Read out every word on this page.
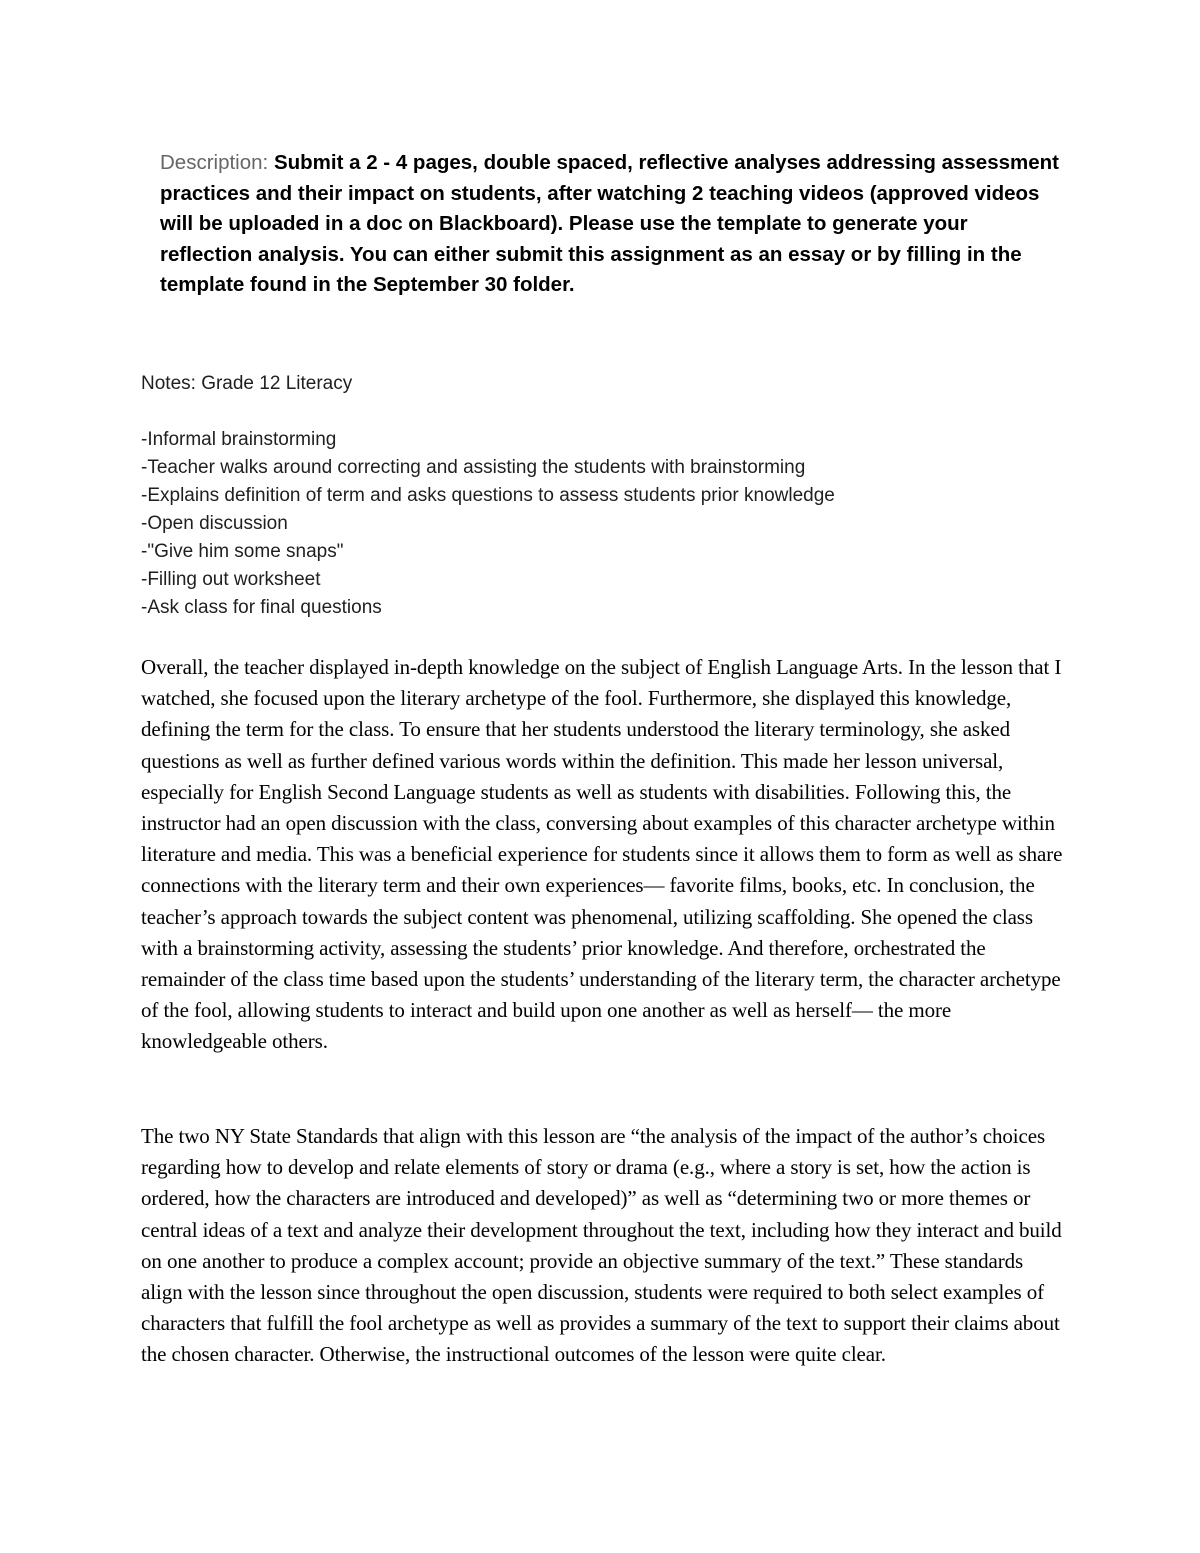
Description: Submit a 2 - 4 pages, double spaced, reflective analyses addressing assessment practices and their impact on students, after watching 2 teaching videos (approved videos will be uploaded in a doc on Blackboard). Please use the template to generate your reflection analysis. You can either submit this assignment as an essay or by filling in the template found in the September 30 folder.

Notes: Grade 12 Literacy

-Informal brainstorming
-Teacher walks around correcting and assisting the students with brainstorming
-Explains definition of term and asks questions to assess students prior knowledge
-Open discussion
-"Give him some snaps"
-Filling out worksheet
-Ask class for final questions

Overall, the teacher displayed in-depth knowledge on the subject of English Language Arts. In the lesson that I watched, she focused upon the literary archetype of the fool. Furthermore, she displayed this knowledge, defining the term for the class. To ensure that her students understood the literary terminology, she asked questions as well as further defined various words within the definition. This made her lesson universal, especially for English Second Language students as well as students with disabilities. Following this, the instructor had an open discussion with the class, conversing about examples of this character archetype within literature and media. This was a beneficial experience for students since it allows them to form as well as share connections with the literary term and their own experiences— favorite films, books, etc. In conclusion, the teacher’s approach towards the subject content was phenomenal, utilizing scaffolding. She opened the class with a brainstorming activity, assessing the students’ prior knowledge. And therefore, orchestrated the remainder of the class time based upon the students’ understanding of the literary term, the character archetype of the fool, allowing students to interact and build upon one another as well as herself— the more knowledgeable others.

The two NY State Standards that align with this lesson are “the analysis of the impact of the author’s choices regarding how to develop and relate elements of story or drama (e.g., where a story is set, how the action is ordered, how the characters are introduced and developed)” as well as “determining two or more themes or central ideas of a text and analyze their development throughout the text, including how they interact and build on one another to produce a complex account; provide an objective summary of the text.” These standards align with the lesson since throughout the open discussion, students were required to both select examples of characters that fulfill the fool archetype as well as provides a summary of the text to support their claims about the chosen character. Otherwise, the instructional outcomes of the lesson were quite clear.
